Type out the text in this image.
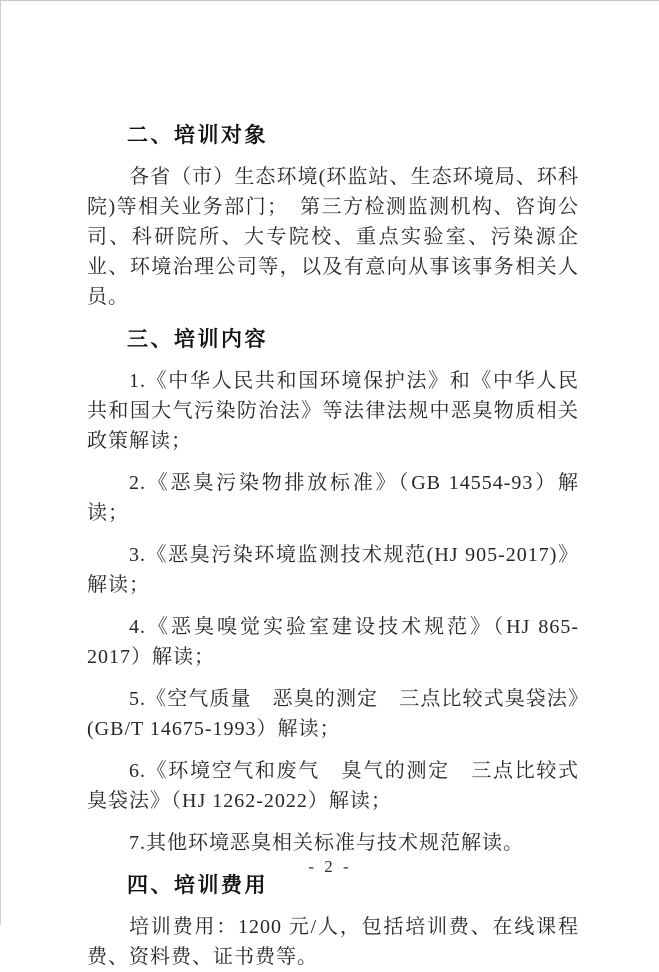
二、培训对象

各省（市）生态环境(环监站、生态环境局、环科院)等相关业务部门；　第三方检测监测机构、咨询公司、科研院所、大专院校、重点实验室、污染源企业、环境治理公司等，以及有意向从事该事务相关人员。

三、培训内容

1.《中华人民共和国环境保护法》和《中华人民共和国大气污染防治法》等法律法规中恶臭物质相关政策解读；

2.《恶臭污染物排放标准》（GB 14554-93）解读；

3.《恶臭污染环境监测技术规范(HJ 905-2017)》解读；

4.《恶臭嗅觉实验室建设技术规范》（HJ 865-2017）解读；

5.《空气质量　恶臭的测定　三点比较式臭袋法》(GB/T 14675-1993）解读；

6.《环境空气和废气　臭气的测定　三点比较式臭袋法》（HJ 1262-2022）解读；

7.其他环境恶臭相关标准与技术规范解读。

四、培训费用

培训费用：1200 元/人，包括培训费、在线课程费、资料费、证书费等。

- 2 -
